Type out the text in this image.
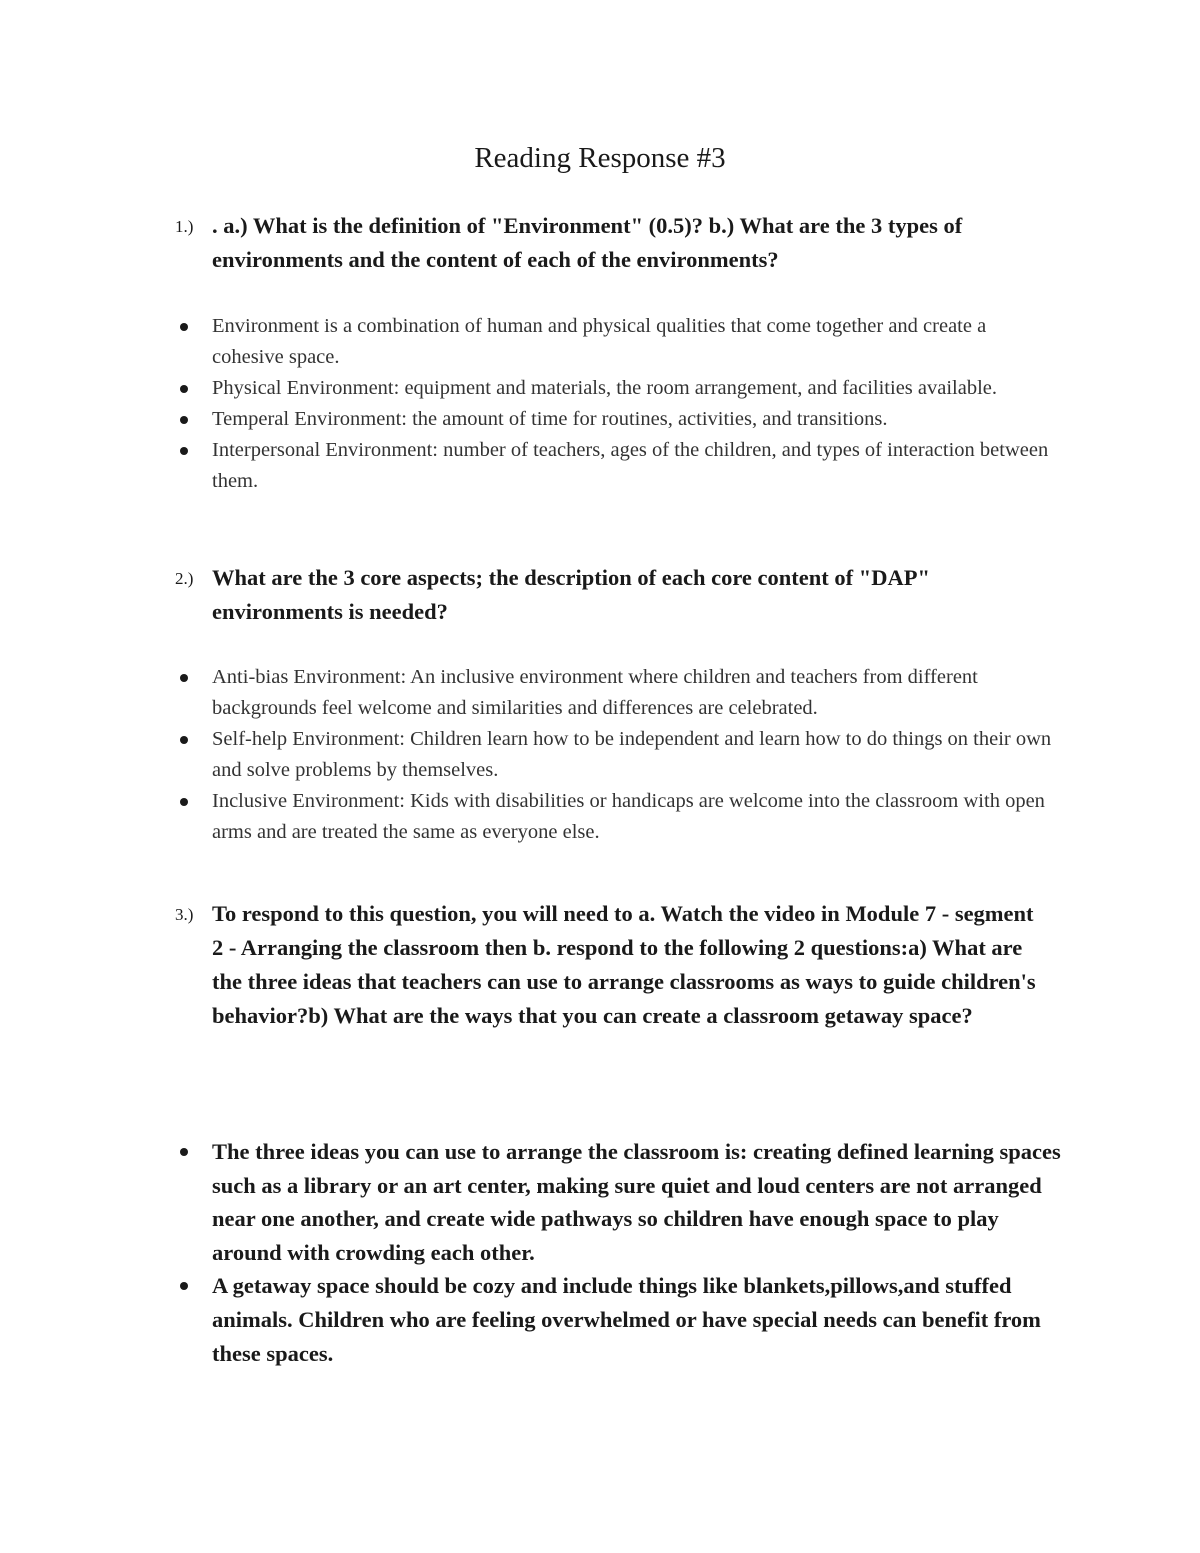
Reading Response #3
1.) . a.) What is the definition of "Environment" (0.5)? b.) What are the 3 types of environments and the content of each of the environments?
Environment is a combination of human and physical qualities that come together and create a cohesive space.
Physical Environment: equipment and materials, the room arrangement, and facilities available.
Temperal Environment: the amount of time for routines, activities, and transitions.
Interpersonal Environment: number of teachers, ages of the children, and types of interaction between them.
2.) What are the 3 core aspects; the description of each core content of "DAP" environments is needed?
Anti-bias Environment: An inclusive environment where children and teachers from different backgrounds feel welcome and similarities and differences are celebrated.
Self-help Environment: Children learn how to be independent and learn how to do things on their own and solve problems by themselves.
Inclusive Environment: Kids with disabilities or handicaps are welcome into the classroom with open arms and are treated the same as everyone else.
3.) To respond to this question, you will need to a. Watch the video in Module 7 - segment 2 - Arranging the classroom then b. respond to the following 2 questions:a) What are the three ideas that teachers can use to arrange classrooms as ways to guide children's behavior?b) What are the ways that you can create a classroom getaway space?
The three ideas you can use to arrange the classroom is: creating defined learning spaces such as a library or an art center, making sure quiet and loud centers are not arranged near one another, and create wide pathways so children have enough space to play around with crowding each other.
A getaway space should be cozy and include things like blankets,pillows,and stuffed animals. Children who are feeling overwhelmed or have special needs can benefit from these spaces.
